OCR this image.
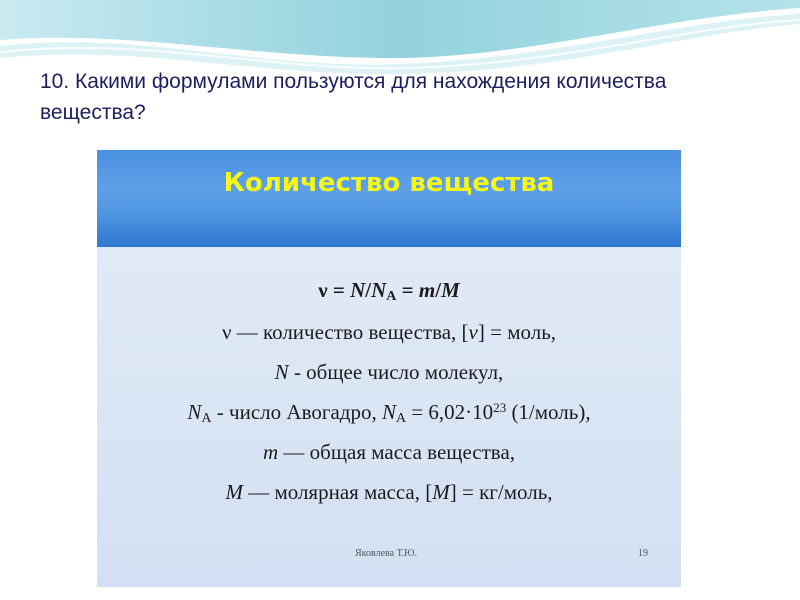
10. Какими формулами пользуются для нахождения количества вещества?
Количество вещества
$\nu = N/N_A = m/M$
ν — количество вещества, [ν] = моль,
N - общее число молекул,
$N_A$ - число Авогадро, $N_A = 6,02\cdot 10^{23}$ (1/моль),
m — общая масса вещества,
M — молярная масса, [M] = кг/моль,
Яковлева Т.Ю.	19
